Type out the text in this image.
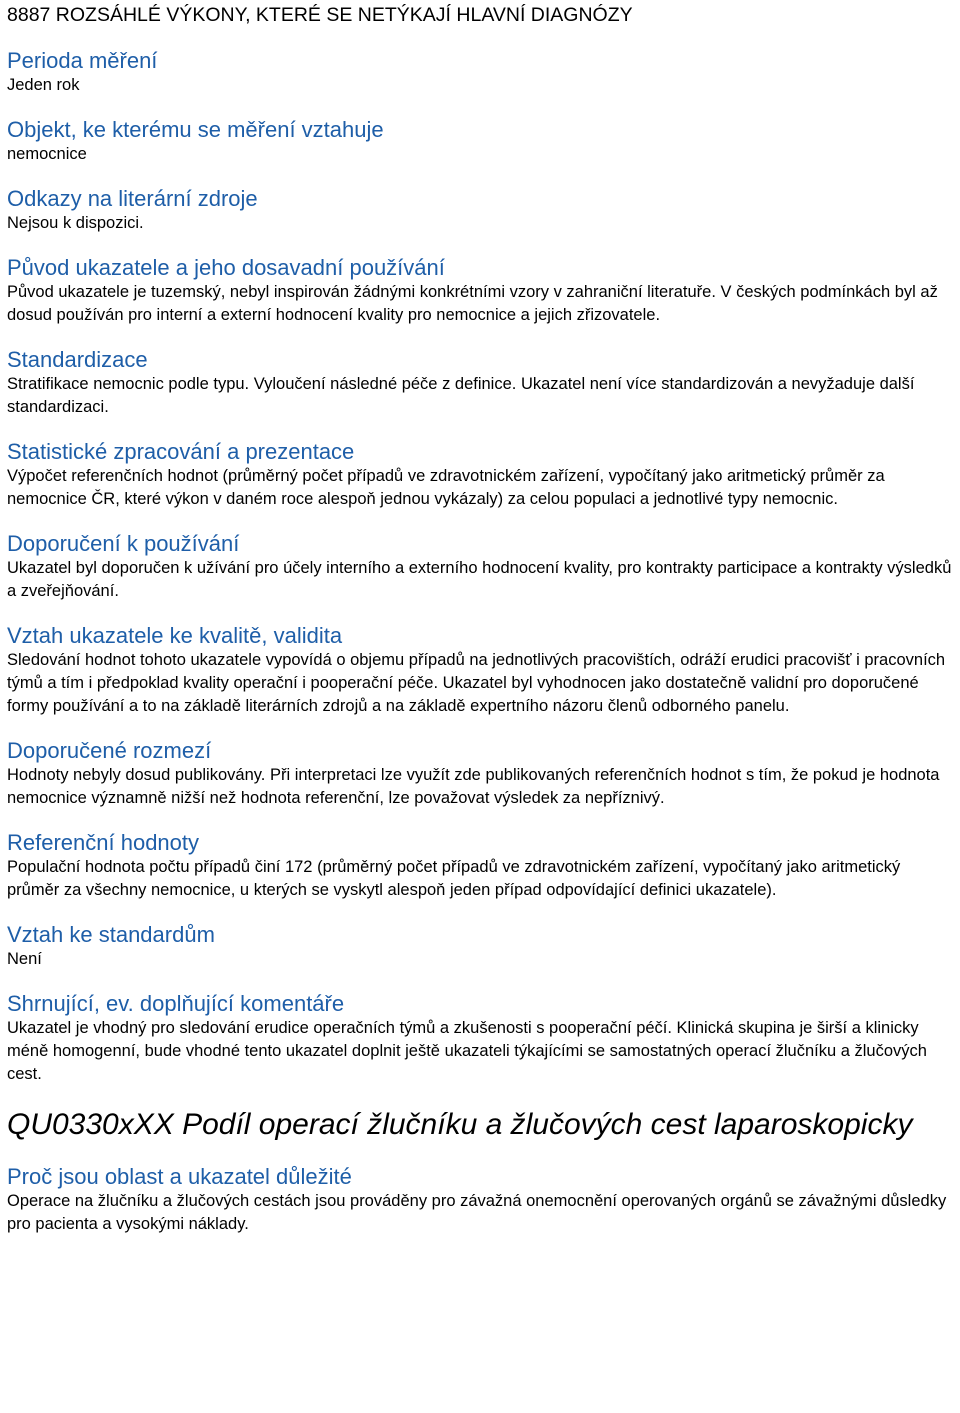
8887 ROZSÁHLÉ VÝKONY, KTERÉ SE NETÝKAJÍ HLAVNÍ DIAGNÓZY
Perioda měření

Jeden rok

Objekt, ke kterému se měření vztahuje

nemocnice

Odkazy na literární zdroje

Nejsou k dispozici.

Původ ukazatele a jeho dosavadní používání

Původ ukazatele je tuzemský, nebyl inspirován žádnými konkrétními vzory v zahraniční literatuře. V českých podmínkách byl až dosud používán pro interní a externí hodnocení kvality pro nemocnice a jejich zřizovatele.

Standardizace

Stratifikace nemocnic podle typu. Vyloučení následné péče z definice. Ukazatel není více standardizován a nevyžaduje další standardizaci.

Statistické zpracování a prezentace

Výpočet referenčních hodnot (průměrný počet případů ve zdravotnickém zařízení, vypočítaný jako aritmetický průměr za nemocnice ČR, které výkon v daném roce alespoň jednou vykázaly) za celou populaci a jednotlivé typy nemocnic.

Doporučení k používání

Ukazatel byl doporučen k užívání pro účely interního a externího hodnocení kvality, pro kontrakty participace a kontrakty výsledků a zveřejňování.

Vztah ukazatele ke kvalitě, validita

Sledování hodnot tohoto ukazatele vypovídá o objemu případů na jednotlivých pracovištích, odráží erudici pracovišť i pracovních týmů a tím i předpoklad kvality operační i pooperační péče. Ukazatel byl vyhodnocen jako dostatečně validní pro doporučené formy používání a to na základě literárních zdrojů a na základě expertního názoru členů odborného panelu.

Doporučené rozmezí

Hodnoty nebyly dosud publikovány. Při interpretaci lze využít zde publikovaných referenčních hodnot s tím, že pokud je hodnota nemocnice významně nižší než hodnota referenční, lze považovat výsledek za nepříznivý.

Referenční hodnoty

Populační hodnota počtu případů činí 172 (průměrný počet případů ve zdravotnickém zařízení, vypočítaný jako aritmetický průměr za všechny nemocnice, u kterých se vyskytl alespoň jeden případ odpovídající definici ukazatele).

Vztah ke standardům

Není

Shrnující, ev. doplňující komentáře

Ukazatel je vhodný pro sledování erudice operačních týmů a zkušenosti s pooperační péčí. Klinická skupina je širší a klinicky méně homogenní, bude vhodné tento ukazatel doplnit ještě ukazateli týkajícími se samostatných operací žlučníku a žlučových cest.

QU0330xXX Podíl operací žlučníku a žlučových cest laparoskopicky
Proč jsou oblast a ukazatel důležité

Operace na žlučníku a žlučových cestách jsou prováděny pro závažná onemocnění operovaných orgánů se závažnými důsledky pro pacienta a vysokými náklady.
